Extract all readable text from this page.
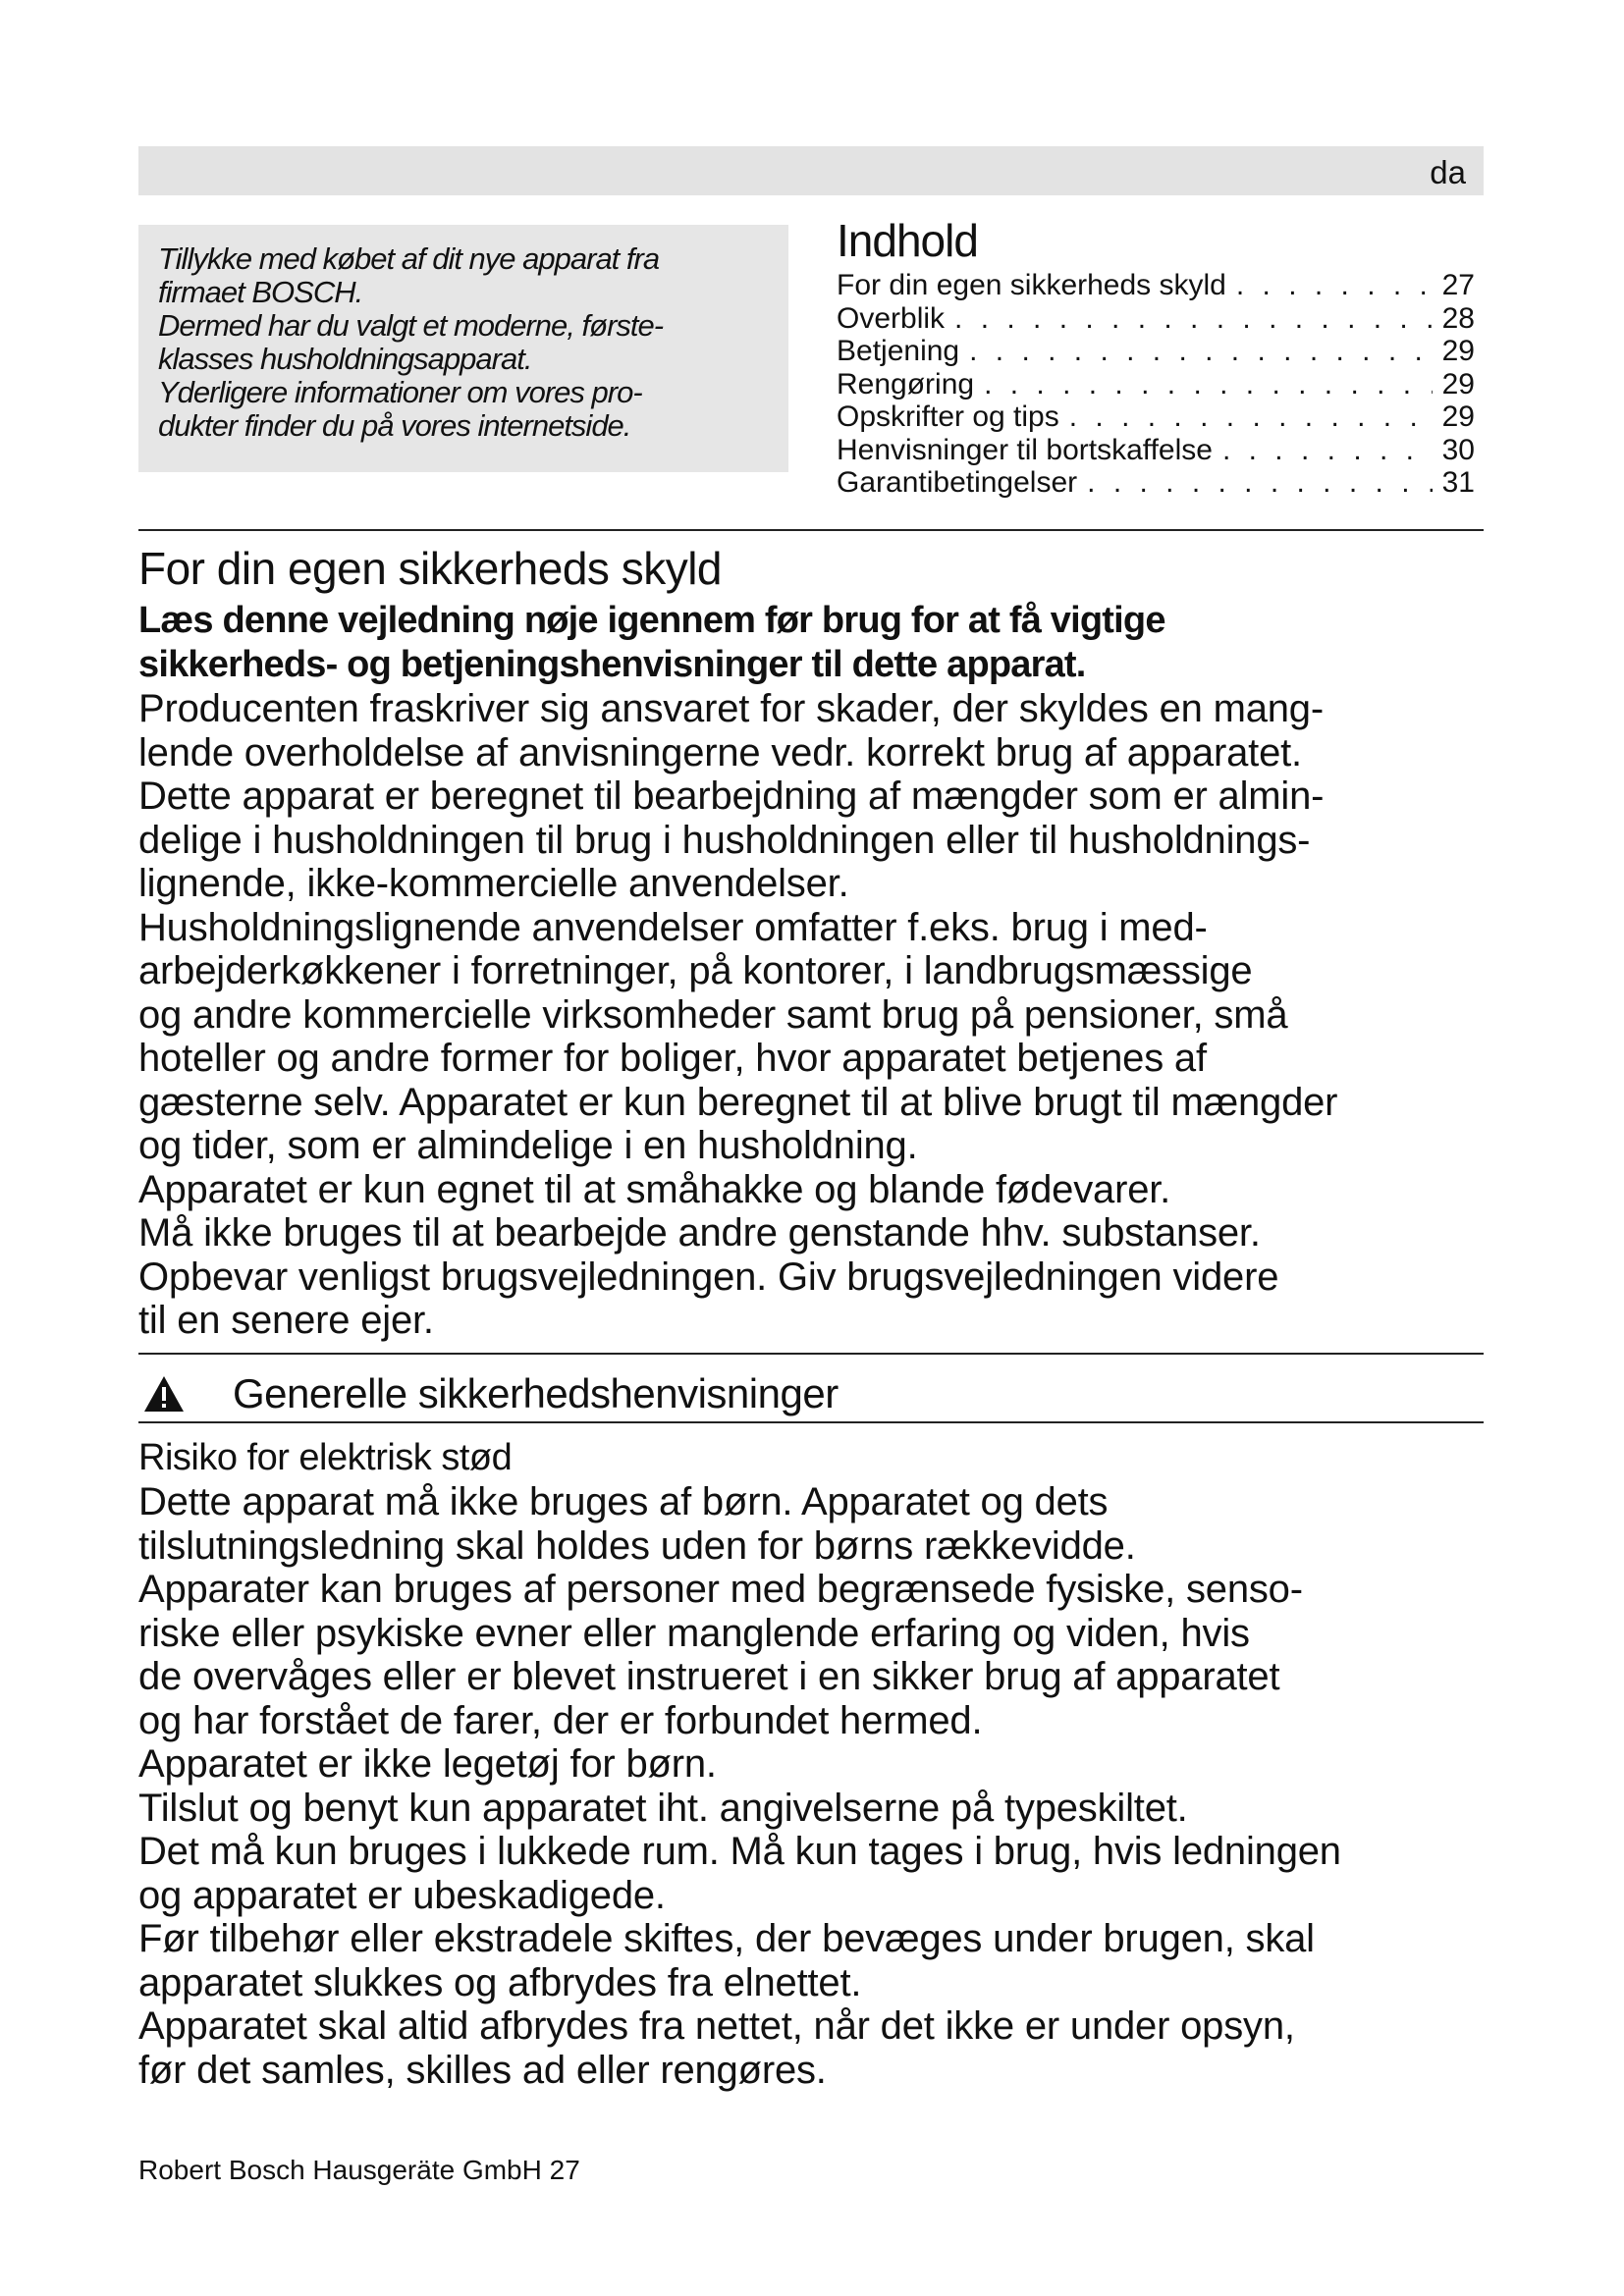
da
Tillykke med købet af dit nye apparat fra
firmaet BOSCH.
Dermed har du valgt et moderne, første-
klasses husholdningsapparat.
Yderligere informationer om vores pro-
dukter finder du på vores internetside.
Indhold
For din egen sikkerheds skyld . . .	27
Overblik . . .	28
Betjening . . .	29
Rengøring . . .	29
Opskrifter og tips . . .	29
Henvisninger til bortskaffelse . . .	30
Garantibetingelser . . .	31
For din egen sikkerheds skyld
Læs denne vejledning nøje igennem før brug for at få vigtige
sikkerheds- og betjeningshenvisninger til dette apparat.
Producenten fraskriver sig ansvaret for skader, der skyldes en mang-
lende overholdelse af anvisningerne vedr. korrekt brug af apparatet.
Dette apparat er beregnet til bearbejdning af mængder som er almin-
delige i husholdningen til brug i husholdningen eller til husholdnings-
lignende, ikke-kommercielle anvendelser.
Husholdningslignende anvendelser omfatter f.eks. brug i med-
arbejderkøkkener i forretninger, på kontorer, i landbrugsmæssige
og andre kommercielle virksomheder samt brug på pensioner, små
hoteller og andre former for boliger, hvor apparatet betjenes af
gæsterne selv. Apparatet er kun beregnet til at blive brugt til mængder
og tider, som er almindelige i en husholdning.
Apparatet er kun egnet til at småhakke og blande fødevarer.
Må ikke bruges til at bearbejde andre genstande hhv. substanser.
Opbevar venligst brugsvejledningen. Giv brugsvejledningen videre
til en senere ejer.
Generelle sikkerhedshenvisninger
Risiko for elektrisk stød
Dette apparat må ikke bruges af børn. Apparatet og dets
tilslutningsledning skal holdes uden for børns rækkevidde.
Apparater kan bruges af personer med begrænsede fysiske, senso-
riske eller psykiske evner eller manglende erfaring og viden, hvis
de overvåges eller er blevet instrueret i en sikker brug af apparatet
og har forstået de farer, der er forbundet hermed.
Apparatet er ikke legetøj for børn.
Tilslut og benyt kun apparatet iht. angivelserne på typeskiltet.
Det må kun bruges i lukkede rum. Må kun tages i brug, hvis ledningen
og apparatet er ubeskadigede.
Før tilbehør eller ekstradele skiftes, der bevæges under brugen, skal
apparatet slukkes og afbrydes fra elnettet.
Apparatet skal altid afbrydes fra nettet, når det ikke er under opsyn,
før det samles, skilles ad eller rengøres.
Robert Bosch Hausgeräte GmbH 27
